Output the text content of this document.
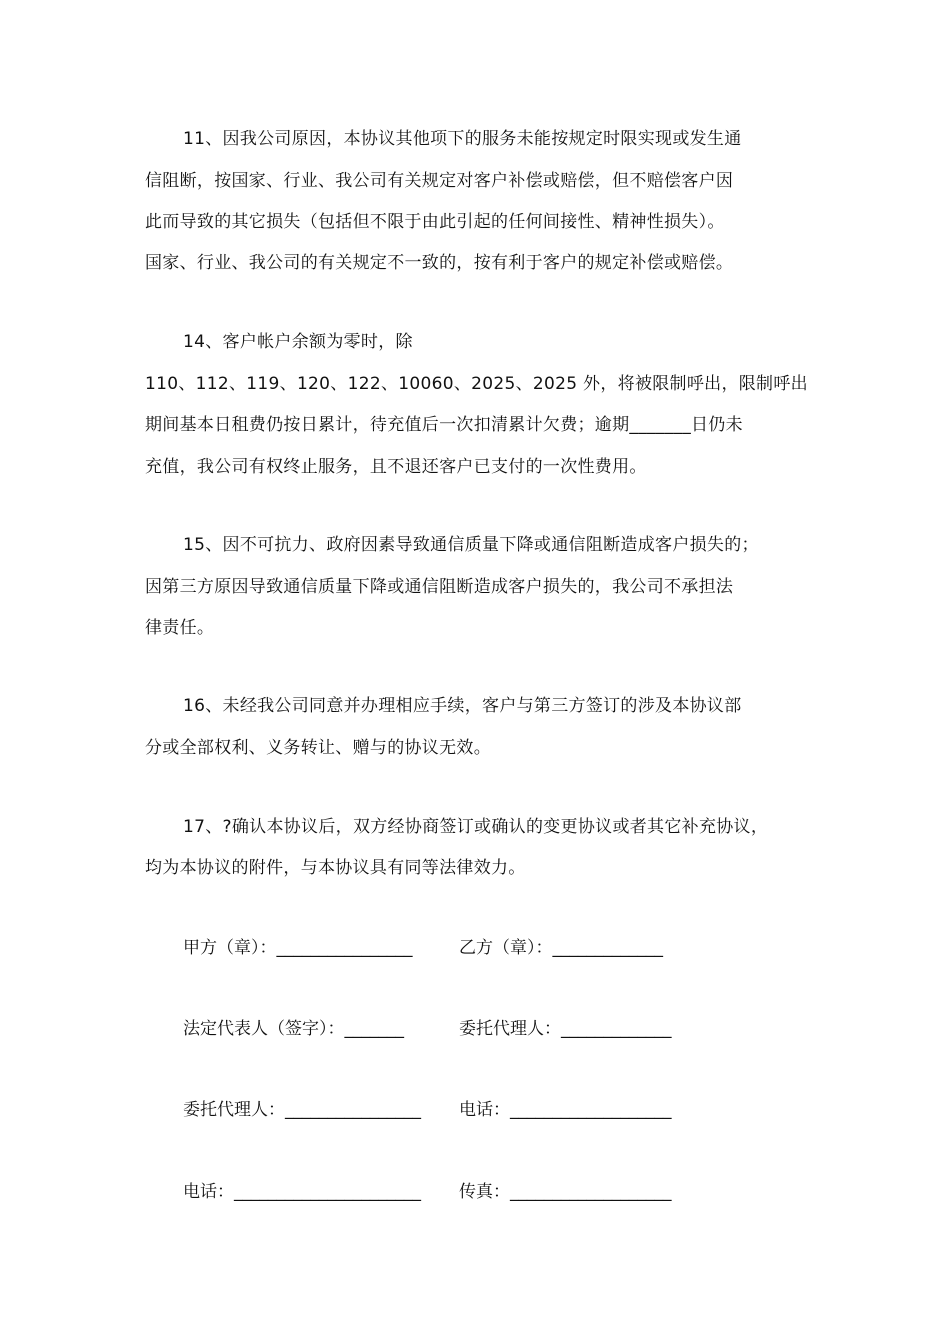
11、因我公司原因，本协议其他项下的服务未能按规定时限实现或发生通
信阻断，按国家、行业、我公司有关规定对客户补偿或赔偿，但不赔偿客户因
此而导致的其它损失（包括但不限于由此引起的任何间接性、精神性损失）。
国家、行业、我公司的有关规定不一致的，按有利于客户的规定补偿或赔偿。
14、客户帐户余额为零时，除
110、112、119、120、122、10060、2025、2025 外，将被限制呼出，限制呼出
期间基本日租费仍按日累计，待充值后一次扣清累计欠费；逾期_______日仍未
充值，我公司有权终止服务，且不退还客户已支付的一次性费用。
15、因不可抗力、政府因素导致通信质量下降或通信阻断造成客户损失的；
因第三方原因导致通信质量下降或通信阻断造成客户损失的，我公司不承担法
律责任。
16、未经我公司同意并办理相应手续，客户与第三方签订的涉及本协议部
分或全部权利、义务转让、赠与的协议无效。
17、?确认本协议后，双方经协商签订或确认的变更协议或者其它补充协议，
均为本协议的附件，与本协议具有同等法律效力。
甲方（章）：________________	乙方（章）：_____________
法定代表人（签字）：_______	委托代理人：_____________
委托代理人：________________ 电话：___________________
电话：______________________ 传真：___________________
